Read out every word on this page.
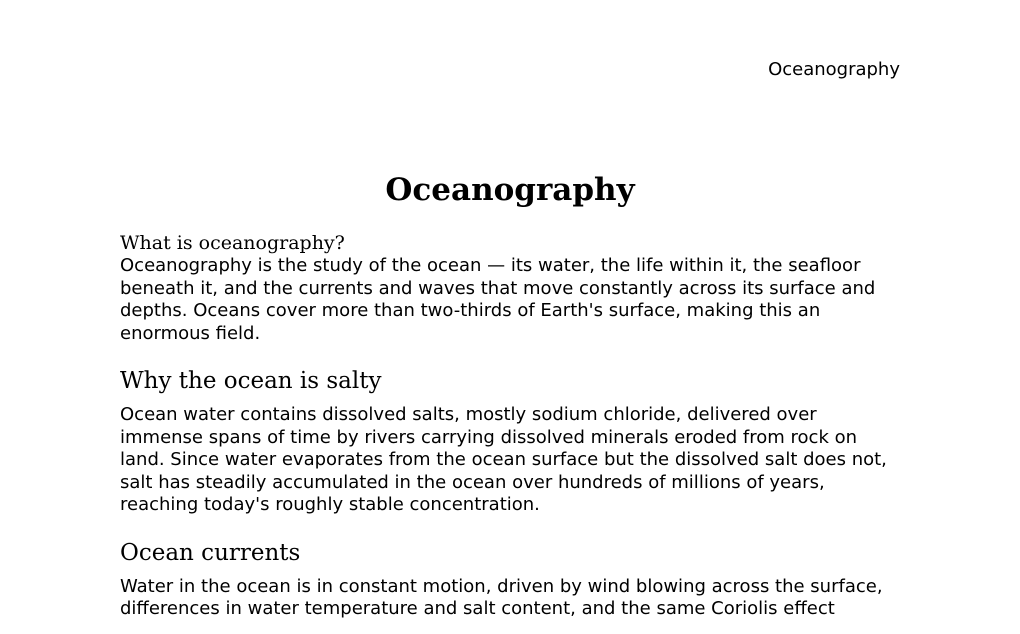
Oceanography
Oceanography
What is oceanography?

Oceanography is the study of the ocean — its water, the life within it, the seafloor beneath it, and the currents and waves that move constantly across its surface and depths. Oceans cover more than two-thirds of Earth's surface, making this an enormous field.

Why the ocean is salty

Ocean water contains dissolved salts, mostly sodium chloride, delivered over immense spans of time by rivers carrying dissolved minerals eroded from rock on land. Since water evaporates from the ocean surface but the dissolved salt does not, salt has steadily accumulated in the ocean over hundreds of millions of years, reaching today's roughly stable concentration.

Ocean currents

Water in the ocean is in constant motion, driven by wind blowing across the surface, differences in water temperature and salt content, and the same Coriolis effect
